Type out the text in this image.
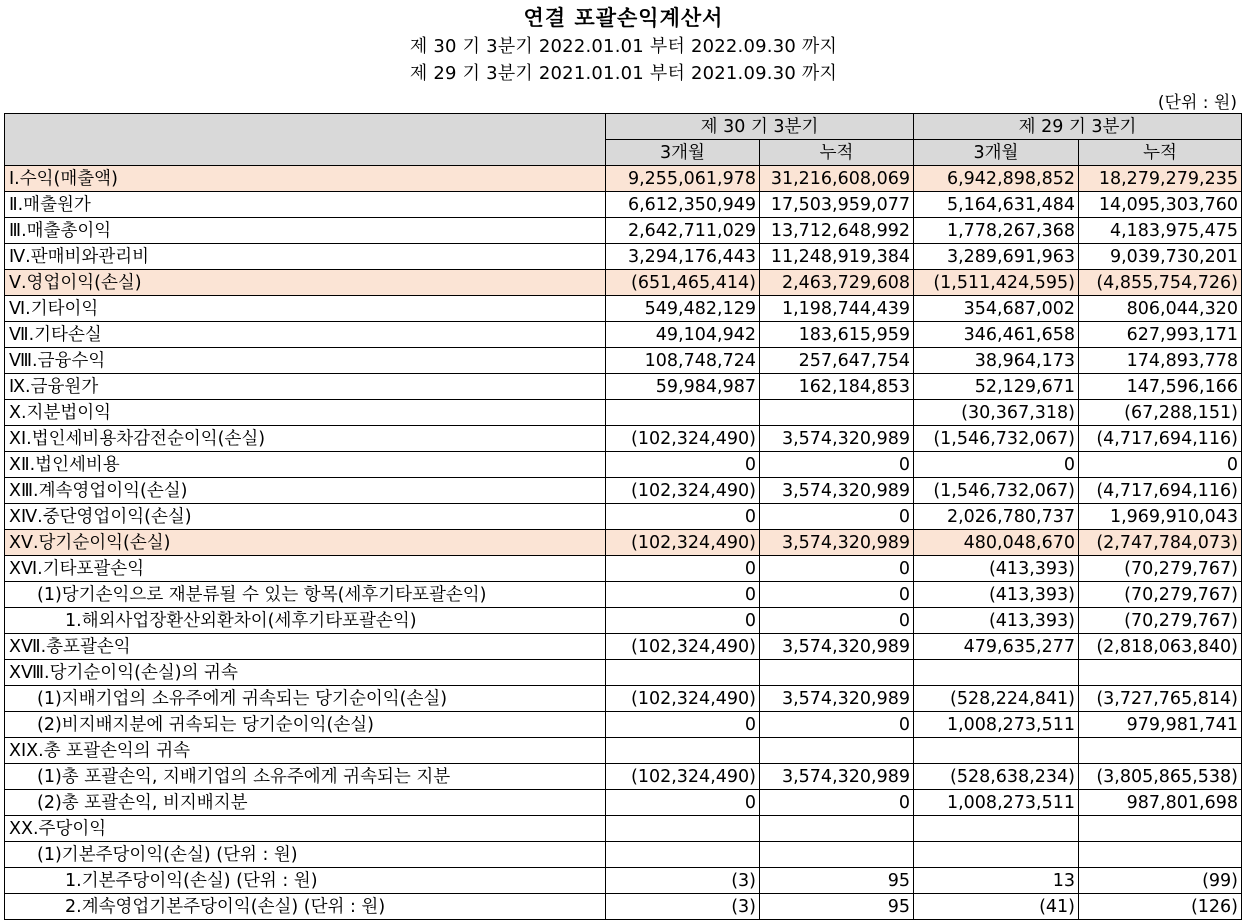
연결 포괄손익계산서
제 30 기 3분기 2022.01.01 부터 2022.09.30 까지
제 29 기 3분기 2021.01.01 부터 2021.09.30 까지
(단위 : 원)
	제 30 기 3분기		제 29 기 3분기	
	3개월	누적	3개월	누적
Ⅰ.수익(매출액)	9,255,061,978	31,216,608,069	6,942,898,852	18,279,279,235
Ⅱ.매출원가	6,612,350,949	17,503,959,077	5,164,631,484	14,095,303,760
Ⅲ.매출총이익	2,642,711,029	13,712,648,992	1,778,267,368	4,183,975,475
Ⅳ.판매비와관리비	3,294,176,443	11,248,919,384	3,289,691,963	9,039,730,201
Ⅴ.영업이익(손실)	(651,465,414)	2,463,729,608	(1,511,424,595)	(4,855,754,726)
Ⅵ.기타이익	549,482,129	1,198,744,439	354,687,002	806,044,320
Ⅶ.기타손실	49,104,942	183,615,959	346,461,658	627,993,171
Ⅷ.금융수익	108,748,724	257,647,754	38,964,173	174,893,778
Ⅸ.금융원가	59,984,987	162,184,853	52,129,671	147,596,166
Ⅹ.지분법이익			(30,367,318)	(67,288,151)
XI.법인세비용차감전순이익(손실)	(102,324,490)	3,574,320,989	(1,546,732,067)	(4,717,694,116)
XⅡ.법인세비용	0	0	0	0
XⅢ.계속영업이익(손실)	(102,324,490)	3,574,320,989	(1,546,732,067)	(4,717,694,116)
XⅣ.중단영업이익(손실)	0	0	2,026,780,737	1,969,910,043
XⅤ.당기순이익(손실)	(102,324,490)	3,574,320,989	480,048,670	(2,747,784,073)
XⅥ.기타포괄손익	0	0	(413,393)	(70,279,767)
(1)당기손익으로 재분류될 수 있는 항목(세후기타포괄손익)	0	0	(413,393)	(70,279,767)
1.해외사업장환산외환차이(세후기타포괄손익)	0	0	(413,393)	(70,279,767)
XⅦ.총포괄손익	(102,324,490)	3,574,320,989	479,635,277	(2,818,063,840)
XⅧ.당기순이익(손실)의 귀속				
(1)지배기업의 소유주에게 귀속되는 당기순이익(손실)	(102,324,490)	3,574,320,989	(528,224,841)	(3,727,765,814)
(2)비지배지분에 귀속되는 당기순이익(손실)	0	0	1,008,273,511	979,981,741
XIX.총 포괄손익의 귀속				
(1)총 포괄손익, 지배기업의 소유주에게 귀속되는 지분	(102,324,490)	3,574,320,989	(528,638,234)	(3,805,865,538)
(2)총 포괄손익, 비지배지분	0	0	1,008,273,511	987,801,698
XX.주당이익				
(1)기본주당이익(손실) (단위 : 원)				
1.기본주당이익(손실) (단위 : 원)	(3)	95	13	(99)
2.계속영업기본주당이익(손실) (단위 : 원)	(3)	95	(41)	(126)
